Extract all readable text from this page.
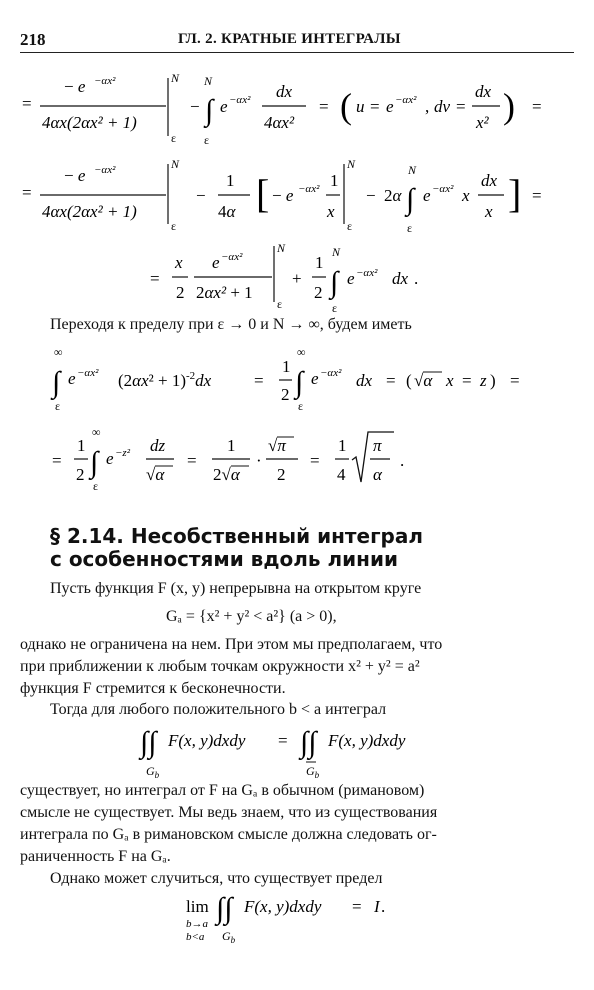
218	ГЛ. 2. КРАТНЫЕ ИНТЕГРАЛЫ
=
− e −αx²
4αx(2αx² + 1)
N
ε
− ∫
N
ε
e −αx² dx
4αx²
= ( u = e −αx² , dv =
dx
x² ) =
=
− e −αx²
4αx(2αx² + 1)
N
ε
−
1
4α [ − e −αx² 1
x
N
ε
− 2α ∫
N
ε
e −αx² x
dx
x ] =
=
x
2
e −αx²
2αx² + 1
N
ε
+
1
2 ∫
N
ε
e −αx² dx .
Переходя к пределу при ε → 0 и N → ∞, будем иметь
∫
∞
ε
e −αx² $(2\alpha x^2 + 1)^{-2}dx$	=
1
2 ∫
∞
ε
e −αx² dx = ( √α x = z ) =
=
1
2 ∫
∞
ε
e −z² dz
√α
=
1
2√α
·
√π
2
=
1
4
π
α
.
§ 2.14. Несобственный интеграл
с особенностями вдоль линии
Пусть функция F (x, y) непрерывна на открытом круге
Gₐ = {x² + y² < a²} (a > 0),
однако не ограничена на нем. При этом мы предполагаем, что
при приближении к любым точкам окружности x² + y² = a²
функция F стремится к бесконечности.
Тогда для любого положительного b < a интеграл
∫∫
$G_b$
F(x, y)dxdy = ∫∫
$G_b$
F(x, y)dxdy
существует, но интеграл от F на Gₐ в обычном (римановом)
смысле не существует. Мы ведь знаем, что из существования
интеграла по Gₐ в римановском смысле должна следовать ог-
раниченность F на Gₐ.
Однако может случиться, что существует предел
lim
b→a
b<a
∫∫
$G_b$
F(x, y)dxdy = I .
